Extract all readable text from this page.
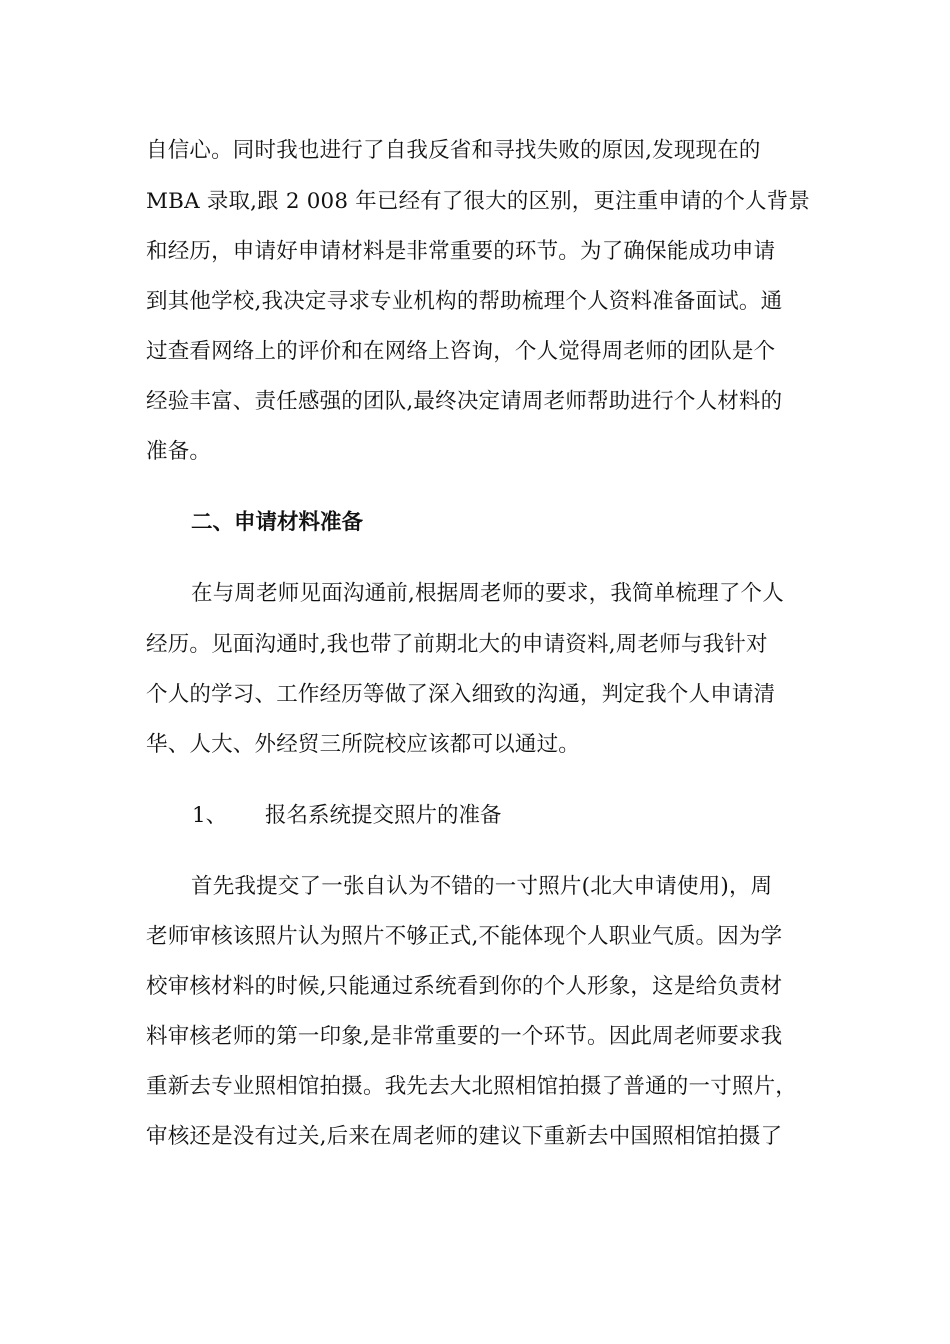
自信心。同时我也进行了自我反省和寻找失败的原因,发现现在的
MBA 录取,跟 2 008 年已经有了很大的区别，更注重申请的个人背景
和经历，申请好申请材料是非常重要的环节。为了确保能成功申请
到其他学校,我决定寻求专业机构的帮助梳理个人资料准备面试。通
过查看网络上的评价和在网络上咨询，个人觉得周老师的团队是个
经验丰富、责任感强的团队,最终决定请周老师帮助进行个人材料的
准备。
二、申请材料准备
在与周老师见面沟通前,根据周老师的要求，我简单梳理了个人
经历。见面沟通时,我也带了前期北大的申请资料,周老师与我针对
个人的学习、工作经历等做了深入细致的沟通，判定我个人申请清
华、人大、外经贸三所院校应该都可以通过。
1、 报名系统提交照片的准备
首先我提交了一张自认为不错的一寸照片(北大申请使用)，周
老师审核该照片认为照片不够正式,不能体现个人职业气质。因为学
校审核材料的时候,只能通过系统看到你的个人形象，这是给负责材
料审核老师的第一印象,是非常重要的一个环节。因此周老师要求我
重新去专业照相馆拍摄。我先去大北照相馆拍摄了普通的一寸照片，
审核还是没有过关,后来在周老师的建议下重新去中国照相馆拍摄了
